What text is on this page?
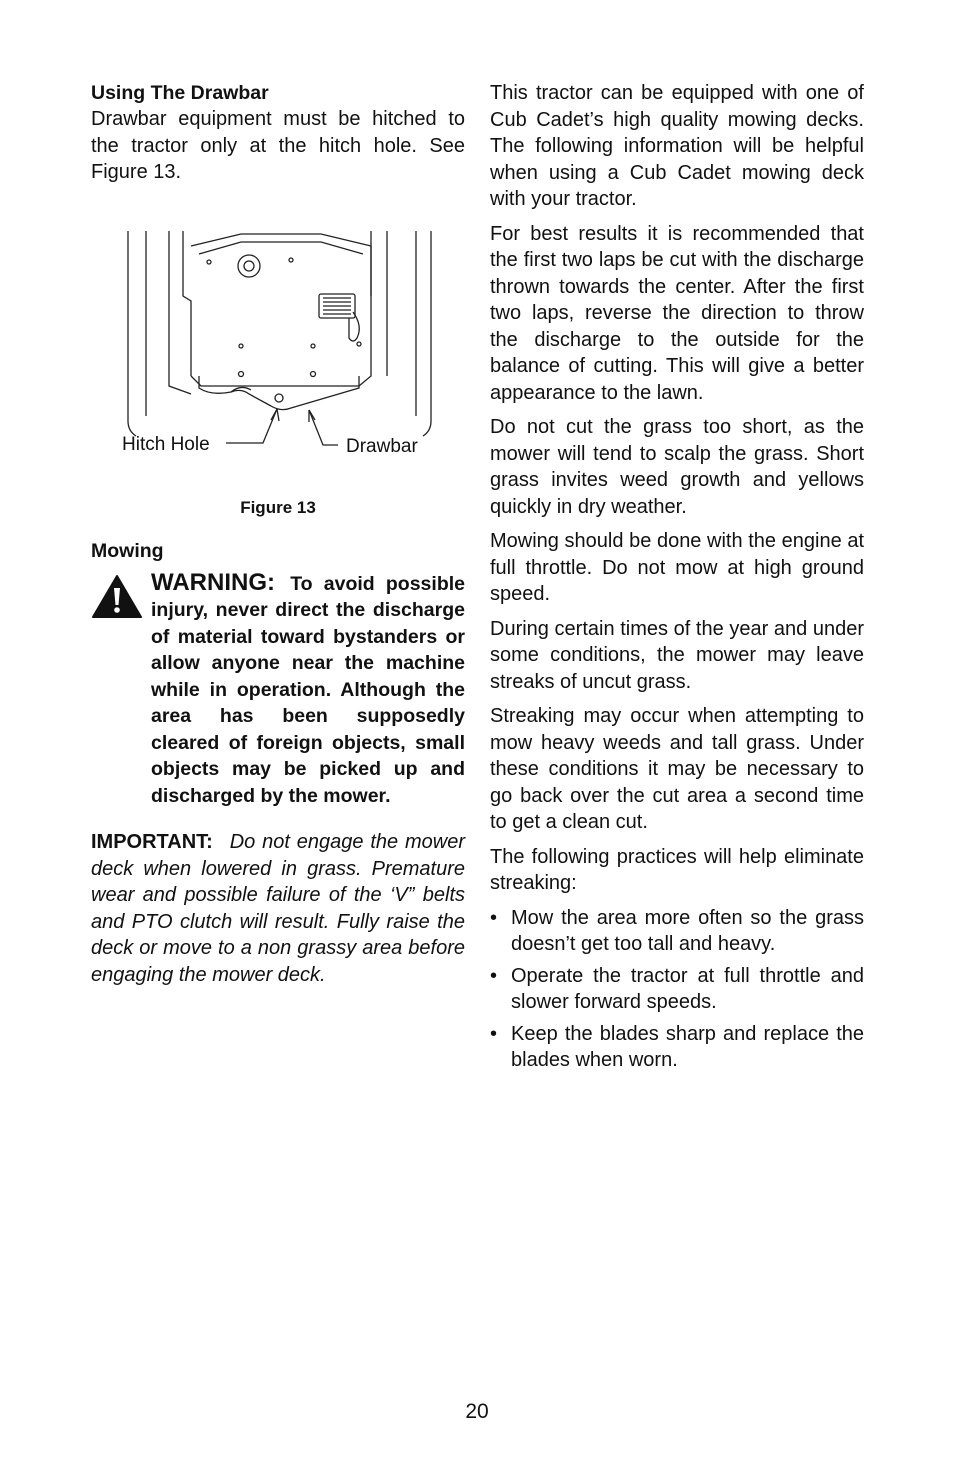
Using The Drawbar

Drawbar equipment must be hitched to the tractor only at the hitch hole. See Figure 13.

Hitch Hole	Drawbar
Figure 13

Mowing

WARNING: To avoid possible injury, never direct the discharge of material toward bystanders or allow anyone near the machine while in operation. Although the area has been supposedly cleared of foreign objects, small objects may be picked up and discharged by the mower.

IMPORTANT: Do not engage the mower deck when lowered in grass. Premature wear and possible failure of the ‘V” belts and PTO clutch will result. Fully raise the deck or move to a non grassy area before engaging the mower deck.

This tractor can be equipped with one of Cub Cadet’s high quality mowing decks. The following information will be helpful when using a Cub Cadet mowing deck with your tractor.

For best results it is recommended that the first two laps be cut with the discharge thrown towards the center. After the first two laps, reverse the direction to throw the discharge to the outside for the balance of cutting. This will give a better appearance to the lawn.

Do not cut the grass too short, as the mower will tend to scalp the grass. Short grass invites weed growth and yellows quickly in dry weather.

Mowing should be done with the engine at full throttle. Do not mow at high ground speed.

During certain times of the year and under some conditions, the mower may leave streaks of uncut grass.

Streaking may occur when attempting to mow heavy weeds and tall grass. Under these conditions it may be necessary to go back over the cut area a second time to get a clean cut.

The following practices will help eliminate streaking:

• Mow the area more often so the grass doesn’t get too tall and heavy.
• Operate the tractor at full throttle and slower forward speeds.
• Keep the blades sharp and replace the blades when worn.
20
